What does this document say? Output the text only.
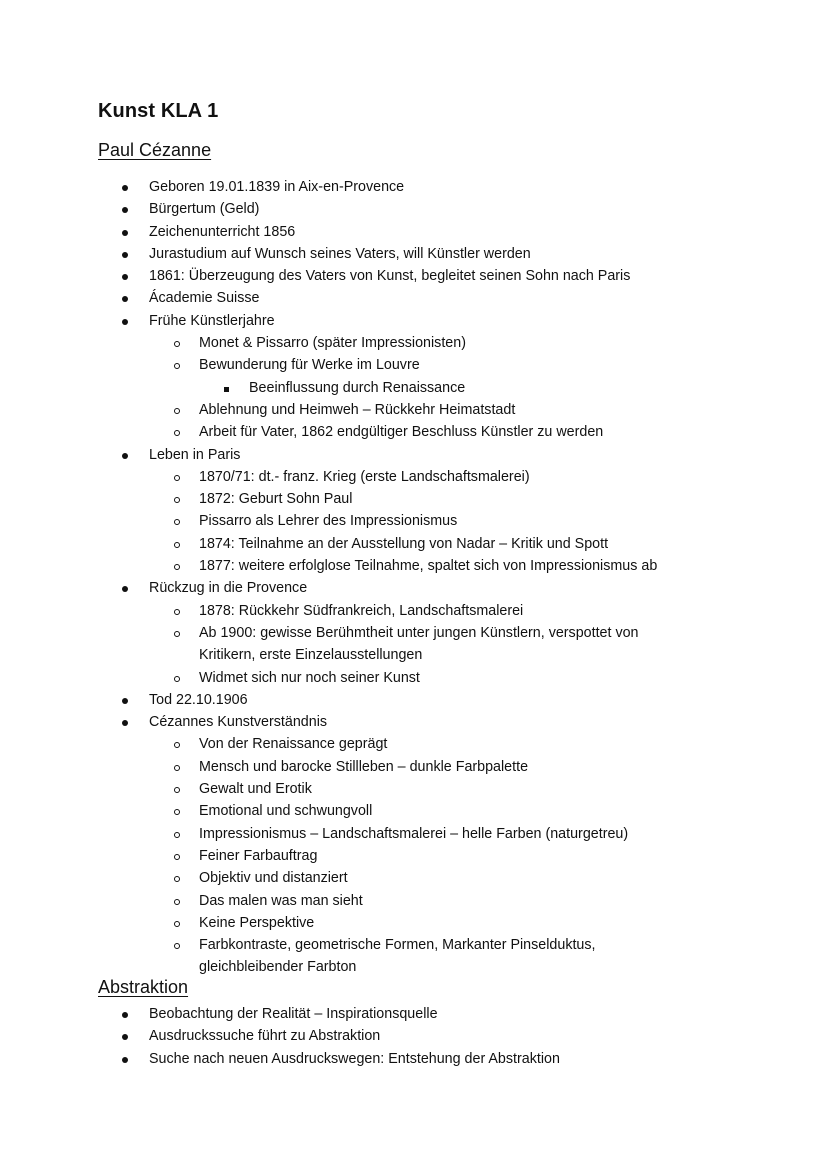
Kunst KLA 1
Paul Cézanne
Geboren 19.01.1839 in Aix-en-Provence
Bürgertum (Geld)
Zeichenunterricht 1856
Jurastudium auf Wunsch seines Vaters, will Künstler werden
1861: Überzeugung des Vaters von Kunst, begleitet seinen Sohn nach Paris
Ácademie Suisse
Frühe Künstlerjahre
Monet & Pissarro (später Impressionisten)
Bewunderung für Werke im Louvre
Beeinflussung durch Renaissance
Ablehnung und Heimweh – Rückkehr Heimatstadt
Arbeit für Vater, 1862 endgültiger Beschluss Künstler zu werden
Leben in Paris
1870/71: dt.- franz. Krieg (erste Landschaftsmalerei)
1872: Geburt Sohn Paul
Pissarro als Lehrer des Impressionismus
1874: Teilnahme an der Ausstellung von Nadar – Kritik und Spott
1877: weitere erfolglose Teilnahme, spaltet sich von Impressionismus ab
Rückzug in die Provence
1878: Rückkehr Südfrankreich, Landschaftsmalerei
Ab 1900: gewisse Berühmtheit unter jungen Künstlern, verspottet von
Kritikern, erste Einzelausstellungen
Widmet sich nur noch seiner Kunst
Tod 22.10.1906
Cézannes Kunstverständnis
Von der Renaissance geprägt
Mensch und barocke Stillleben – dunkle Farbpalette
Gewalt und Erotik
Emotional und schwungvoll
Impressionismus – Landschaftsmalerei – helle Farben (naturgetreu)
Feiner Farbauftrag
Objektiv und distanziert
Das malen was man sieht
Keine Perspektive
Farbkontraste, geometrische Formen, Markanter Pinselduktus,
gleichbleibender Farbton
Abstraktion
Beobachtung der Realität – Inspirationsquelle
Ausdruckssuche führt zu Abstraktion
Suche nach neuen Ausdruckswegen: Entstehung der Abstraktion
